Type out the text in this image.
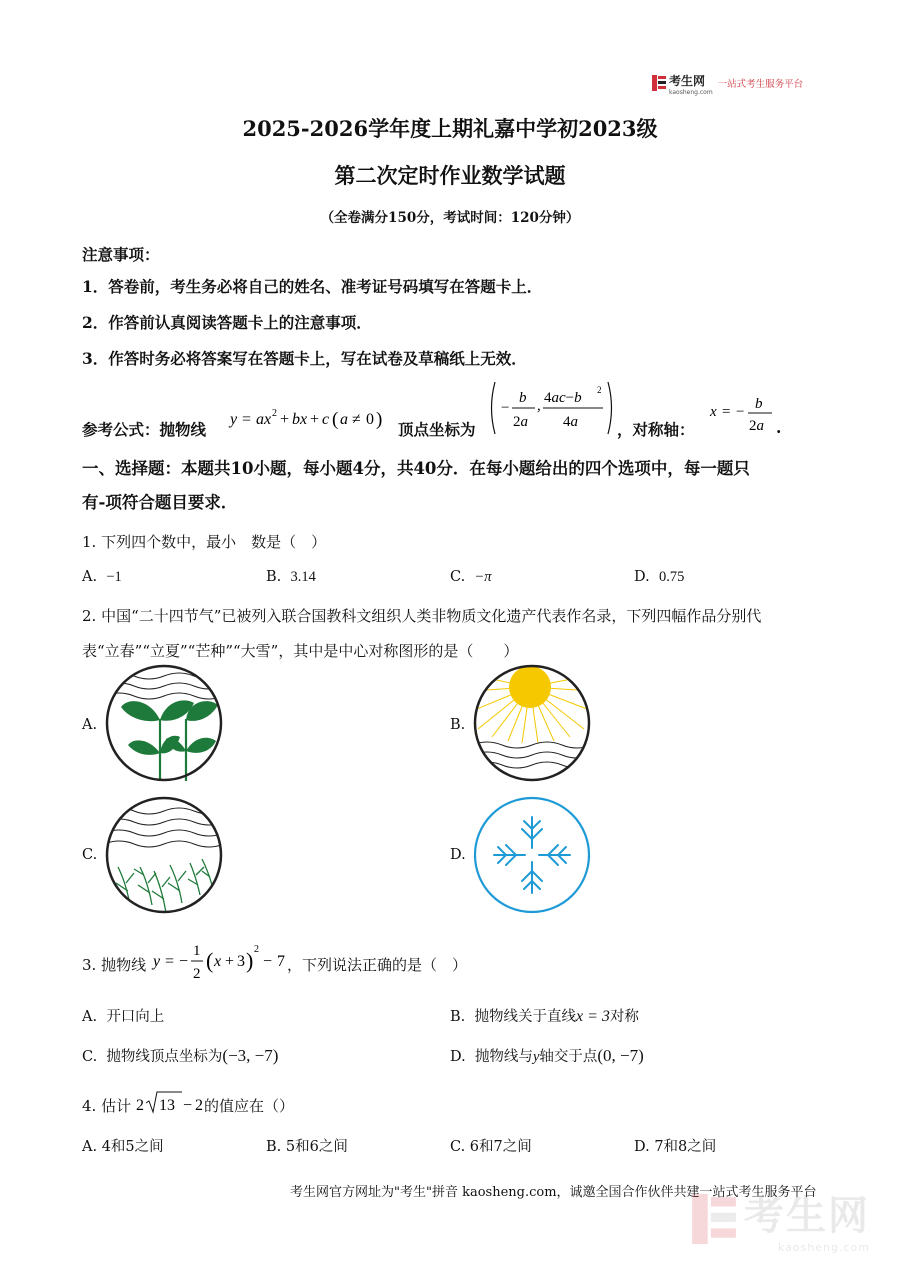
考生网
kaosheng.com
一站式考生服务平台
2025-2026学年度上期礼嘉中学初2023级
第二次定时作业数学试题
（全卷满分150分，考试时间：120分钟）
注意事项：
1．答卷前，考生务必将自己的姓名、准考证号码填写在答题卡上．
2．作答前认真阅读答题卡上的注意事项．
3．作答时务必将答案写在答题卡上，写在试卷及草稿纸上无效．
参考公式：抛物线
y = ax 2 + bx + c ( a ≠ 0 ) 顶点坐标为
−
b
2a
, 4ac−b 2
4a	，对称轴：
x = − b
2a .
一、选择题：本题共10小题，每小题4分，共40分．在每小题给出的四个选项中，每一题只
有-项符合题目要求．
1. 下列四个数中，最小　数是（　）
A. −1	B. 3.14	C. −π	D. 0.75
2. 中国“二十四节气”已被列入联合国教科文组织人类非物质文化遗产代表作名录，下列四幅作品分别代
表“立春”“立夏”“芒种”“大雪”，其中是中心对称图形的是（　　）
A.	B.
C.	D.
3. 抛物线 y = −
1
2
( x + 3 ) 2
− 7 ，下列说法正确的是（　）
A. 开口向上	B. 抛物线关于直线x = 3对称
C. 抛物线顶点坐标为(−3, −7)	D. 抛物线与y轴交于点(0, −7)
4. 估计 2 13 − 2 的值应在（）
A. 4和5之间	B. 5和6之间	C. 6和7之间	D. 7和8之间
考生网官方网址为"考生"拼音 kaosheng.com，诚邀全国合作伙伴共建一站式考生服务平台
考生网
kaosheng.com
